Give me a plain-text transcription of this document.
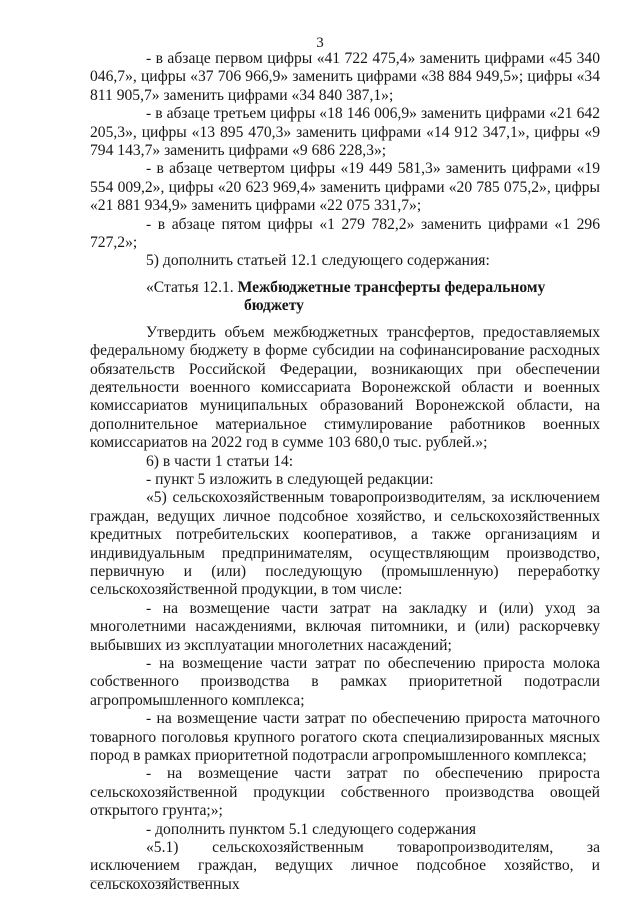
3

- в абзаце первом цифры «41 722 475,4» заменить цифрами «45 340 046,7», цифры «37 706 966,9» заменить цифрами «38 884 949,5»; цифры «34 811 905,7» заменить цифрами «34 840 387,1»;

- в абзаце третьем цифры «18 146 006,9» заменить цифрами «21 642 205,3», цифры «13 895 470,3» заменить цифрами «14 912 347,1», цифры «9 794 143,7» заменить цифрами «9 686 228,3»;

- в абзаце четвертом цифры «19 449 581,3» заменить цифрами «19 554 009,2», цифры «20 623 969,4» заменить цифрами «20 785 075,2», цифры «21 881 934,9» заменить цифрами «22 075 331,7»;

- в абзаце пятом цифры «1 279 782,2» заменить цифрами «1 296 727,2»;

5) дополнить статьей 12.1 следующего содержания:

«Статья 12.1. Межбюджетные трансферты федеральному
бюджету

Утвердить объем межбюджетных трансфертов, предоставляемых федеральному бюджету в форме субсидии на софинансирование расходных обязательств Российской Федерации, возникающих при обеспечении деятельности военного комиссариата Воронежской области и военных комиссариатов муниципальных образований Воронежской области, на дополнительное материальное стимулирование работников военных комиссариатов на 2022 год в сумме 103 680,0 тыс. рублей.»;

6) в части 1 статьи 14:

- пункт 5 изложить в следующей редакции:

«5) сельскохозяйственным товаропроизводителям, за исключением граждан, ведущих личное подсобное хозяйство, и сельскохозяйственных кредитных потребительских кооперативов, а также организациям и индивидуальным предпринимателям, осуществляющим производство, первичную и (или) последующую (промышленную) переработку сельскохозяйственной продукции, в том числе:

- на возмещение части затрат на закладку и (или) уход за многолетними насаждениями, включая питомники, и (или) раскорчевку выбывших из эксплуатации многолетних насаждений;

- на возмещение части затрат по обеспечению прироста молока собственного производства в рамках приоритетной подотрасли агропромышленного комплекса;

- на возмещение части затрат по обеспечению прироста маточного товарного поголовья крупного рогатого скота специализированных мясных пород в рамках приоритетной подотрасли агропромышленного комплекса;

- на возмещение части затрат по обеспечению прироста сельскохозяйственной продукции собственного производства овощей открытого грунта;»;

- дополнить пунктом 5.1 следующего содержания

«5.1) сельскохозяйственным товаропроизводителям, за исключением граждан, ведущих личное подсобное хозяйство, и сельскохозяйственных
